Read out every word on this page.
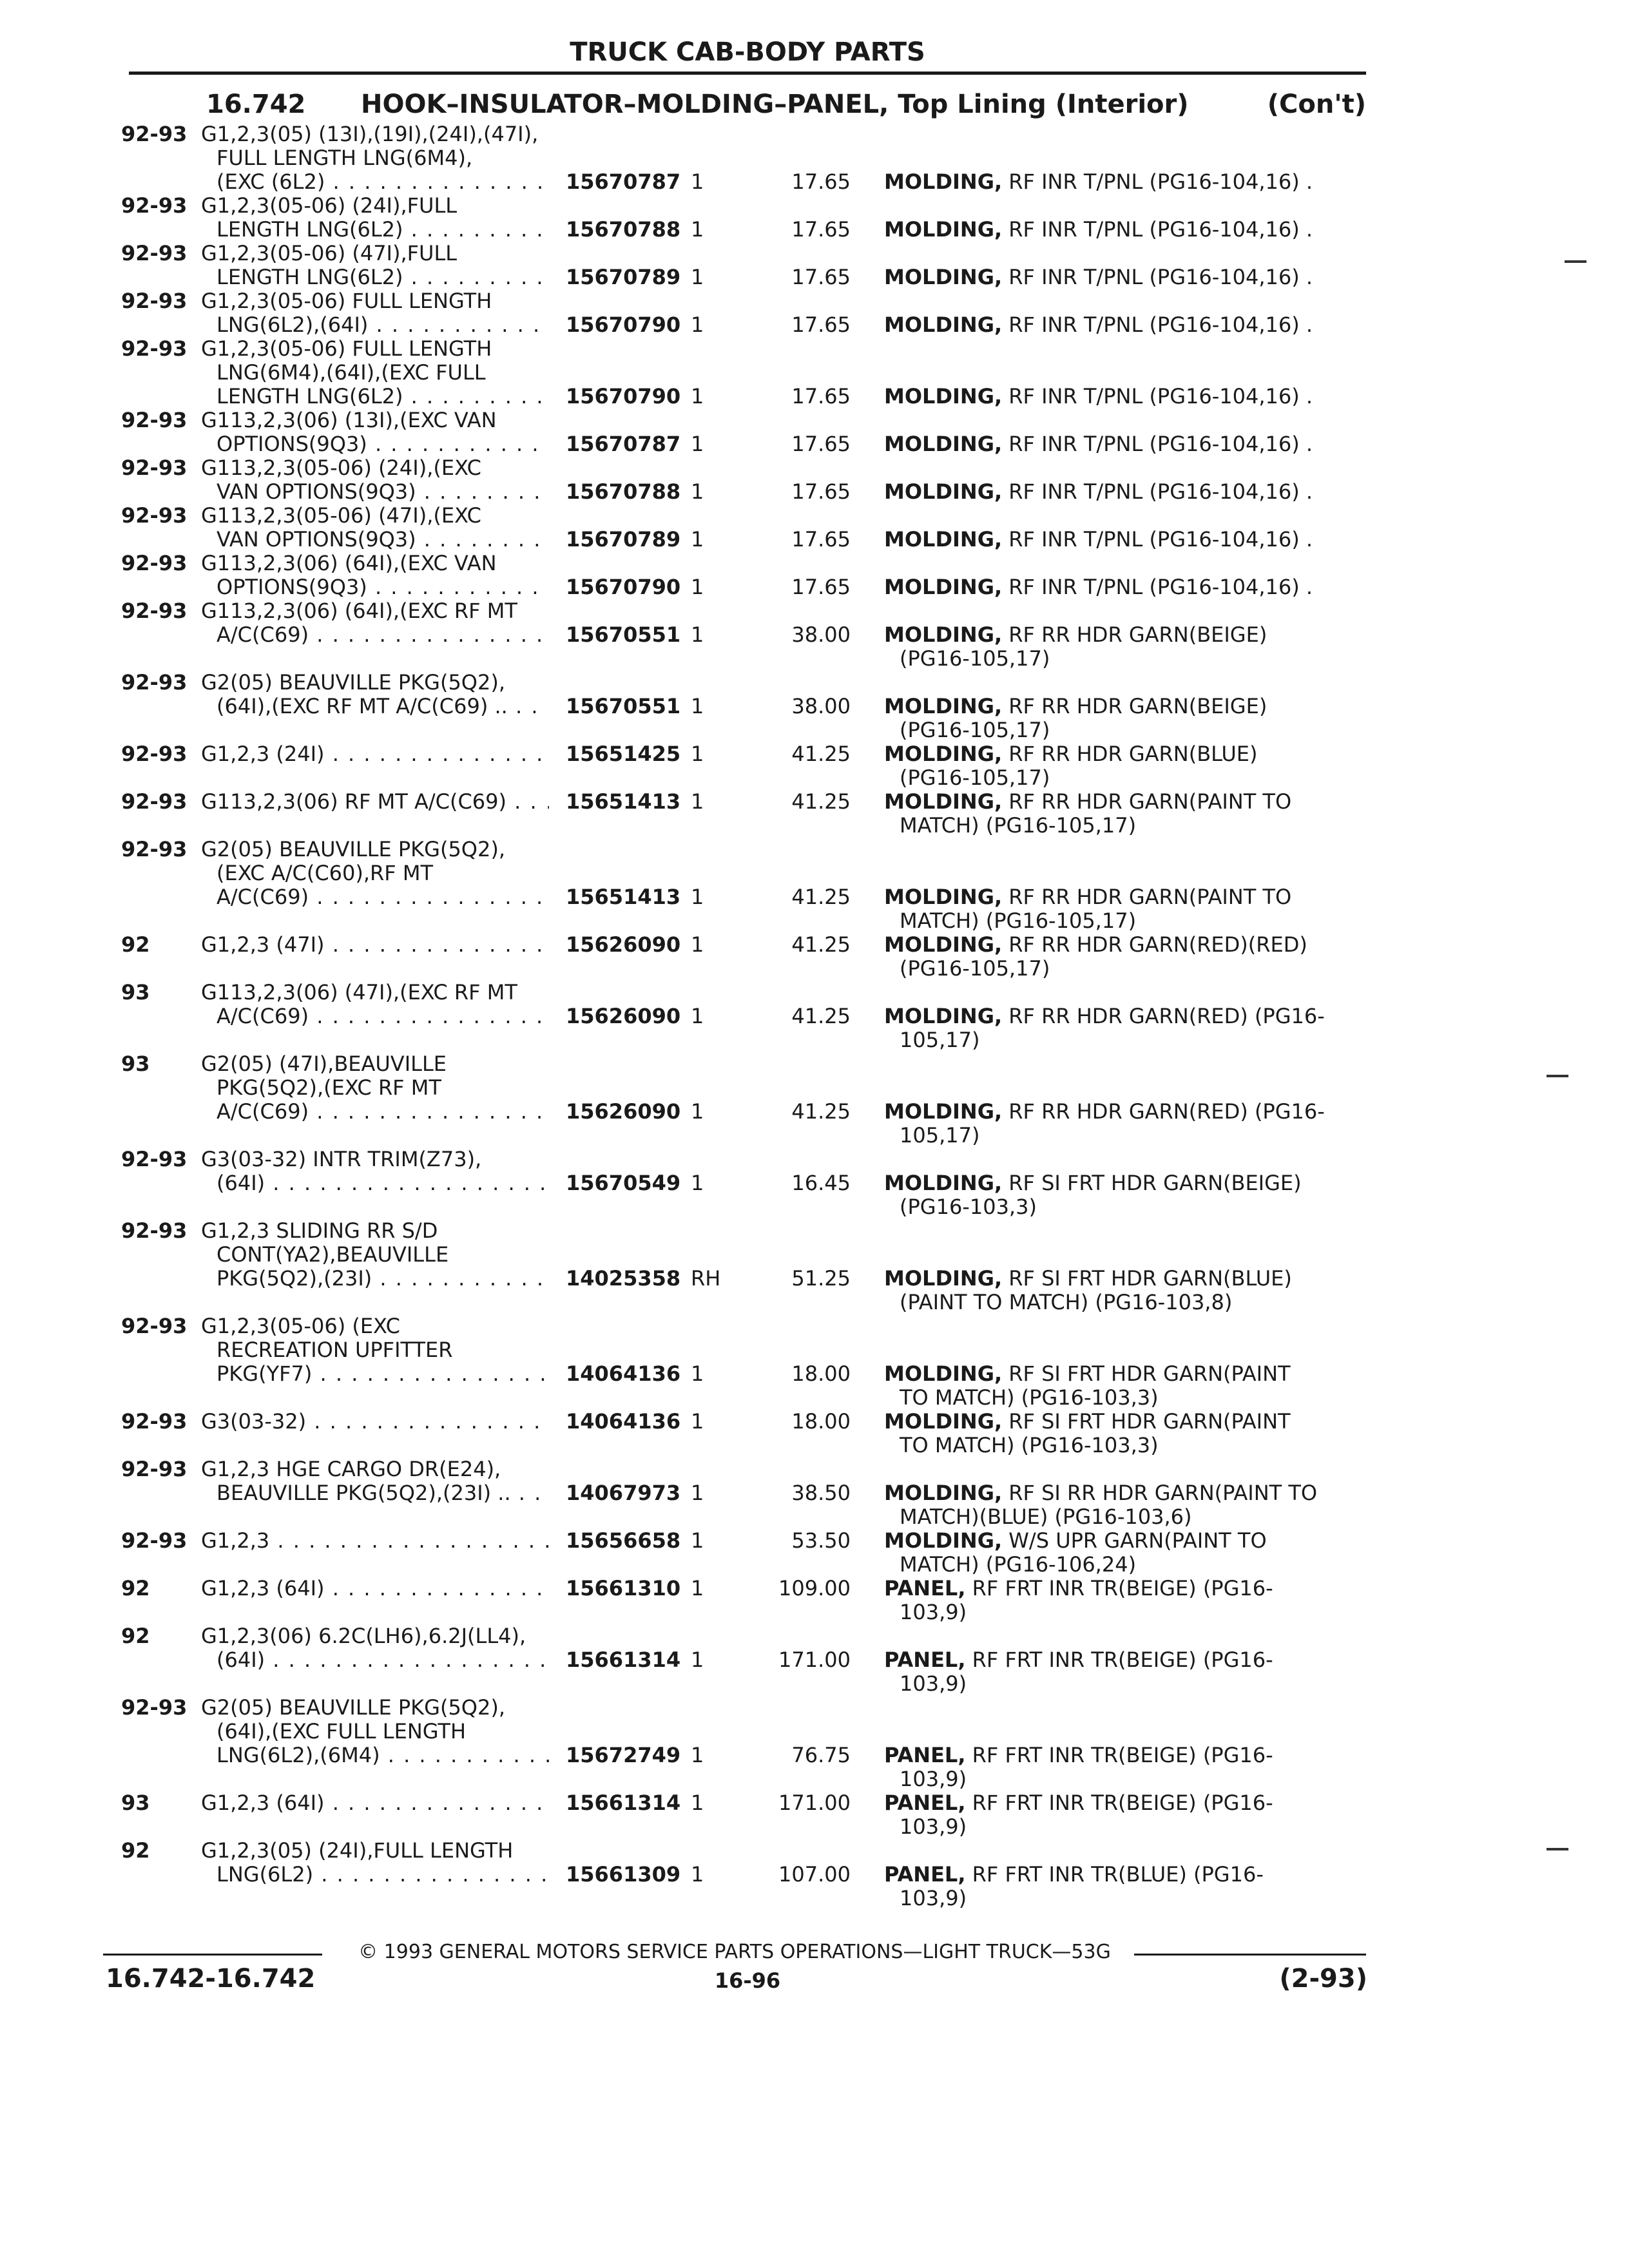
TRUCK CAB-BODY PARTS
16.742 HOOK–INSULATOR–MOLDING–PANEL, Top Lining (Interior)	(Con't)
92-93 G1,2,3(05) (13I),(19I),(24I),(47I),
FULL LENGTH LNG(6M4),
(EXC (6L2) . . .	15670787 1	17.65 MOLDING, RF INR T/PNL (PG16-104,16) .
92-93 G1,2,3(05-06) (24I),FULL
LENGTH LNG(6L2) . . .	15670788 1	17.65 MOLDING, RF INR T/PNL (PG16-104,16) .
92-93 G1,2,3(05-06) (47I),FULL
LENGTH LNG(6L2) . . .	15670789 1	17.65 MOLDING, RF INR T/PNL (PG16-104,16) .
92-93 G1,2,3(05-06) FULL LENGTH
LNG(6L2),(64I) . . .	15670790 1	17.65 MOLDING, RF INR T/PNL (PG16-104,16) .
92-93 G1,2,3(05-06) FULL LENGTH
LNG(6M4),(64I),(EXC FULL
LENGTH LNG(6L2) . . .	15670790 1	17.65 MOLDING, RF INR T/PNL (PG16-104,16) .
92-93 G113,2,3(06) (13I),(EXC VAN
OPTIONS(9Q3) . . .	15670787 1	17.65 MOLDING, RF INR T/PNL (PG16-104,16) .
92-93 G113,2,3(05-06) (24I),(EXC
VAN OPTIONS(9Q3) . . .	15670788 1	17.65 MOLDING, RF INR T/PNL (PG16-104,16) .
92-93 G113,2,3(05-06) (47I),(EXC
VAN OPTIONS(9Q3) . . .	15670789 1	17.65 MOLDING, RF INR T/PNL (PG16-104,16) .
92-93 G113,2,3(06) (64I),(EXC VAN
OPTIONS(9Q3) . . .	15670790 1	17.65 MOLDING, RF INR T/PNL (PG16-104,16) .
92-93 G113,2,3(06) (64I),(EXC RF MT
A/C(C69) . . .	15670551 1	38.00 MOLDING, RF RR HDR GARN(BEIGE)
(PG16-105,17)
92-93 G2(05) BEAUVILLE PKG(5Q2),
(64I),(EXC RF MT A/C(C69) .. . . .	15670551 1	38.00 MOLDING, RF RR HDR GARN(BEIGE)
(PG16-105,17)
92-93 G1,2,3 (24I) . . .	15651425 1	41.25 MOLDING, RF RR HDR GARN(BLUE)
(PG16-105,17)
92-93 G113,2,3(06) RF MT A/C(C69) . . .	15651413 1	41.25 MOLDING, RF RR HDR GARN(PAINT TO
MATCH) (PG16-105,17)
92-93 G2(05) BEAUVILLE PKG(5Q2),
(EXC A/C(C60),RF MT
A/C(C69) . . .	15651413 1	41.25 MOLDING, RF RR HDR GARN(PAINT TO
MATCH) (PG16-105,17)
92 G1,2,3 (47I) . . .	15626090 1	41.25 MOLDING, RF RR HDR GARN(RED)(RED)
(PG16-105,17)
93 G113,2,3(06) (47I),(EXC RF MT
A/C(C69) . . .	15626090 1	41.25 MOLDING, RF RR HDR GARN(RED) (PG16-
105,17)
93 G2(05) (47I),BEAUVILLE
PKG(5Q2),(EXC RF MT
A/C(C69) . . .	15626090 1	41.25 MOLDING, RF RR HDR GARN(RED) (PG16-
105,17)
92-93 G3(03-32) INTR TRIM(Z73),
(64I) . . .	15670549 1	16.45 MOLDING, RF SI FRT HDR GARN(BEIGE)
(PG16-103,3)
92-93 G1,2,3 SLIDING RR S/D
CONT(YA2),BEAUVILLE
PKG(5Q2),(23I) . . .	14025358 RH	51.25 MOLDING, RF SI FRT HDR GARN(BLUE)
(PAINT TO MATCH) (PG16-103,8)
92-93 G1,2,3(05-06) (EXC
RECREATION UPFITTER
PKG(YF7) . . .	14064136 1	18.00 MOLDING, RF SI FRT HDR GARN(PAINT
TO MATCH) (PG16-103,3)
92-93 G3(03-32) . . .	14064136 1	18.00 MOLDING, RF SI FRT HDR GARN(PAINT
TO MATCH) (PG16-103,3)
92-93 G1,2,3 HGE CARGO DR(E24),
BEAUVILLE PKG(5Q2),(23I) .. . . .	14067973 1	38.50 MOLDING, RF SI RR HDR GARN(PAINT TO
MATCH)(BLUE) (PG16-103,6)
92-93 G1,2,3 . . .	15656658 1	53.50 MOLDING, W/S UPR GARN(PAINT TO
MATCH) (PG16-106,24)
92 G1,2,3 (64I) . . .	15661310 1	109.00 PANEL, RF FRT INR TR(BEIGE) (PG16-
103,9)
92 G1,2,3(06) 6.2C(LH6),6.2J(LL4),
(64I) . . .	15661314 1	171.00 PANEL, RF FRT INR TR(BEIGE) (PG16-
103,9)
92-93 G2(05) BEAUVILLE PKG(5Q2),
(64I),(EXC FULL LENGTH
LNG(6L2),(6M4) . . .	15672749 1	76.75 PANEL, RF FRT INR TR(BEIGE) (PG16-
103,9)
93 G1,2,3 (64I) . . .	15661314 1	171.00 PANEL, RF FRT INR TR(BEIGE) (PG16-
103,9)
92 G1,2,3(05) (24I),FULL LENGTH
LNG(6L2) . . .	15661309 1	107.00 PANEL, RF FRT INR TR(BLUE) (PG16-
103,9)
© 1993 GENERAL MOTORS SERVICE PARTS OPERATIONS—LIGHT TRUCK—53G
16.742-16.742	16-96	(2-93)
